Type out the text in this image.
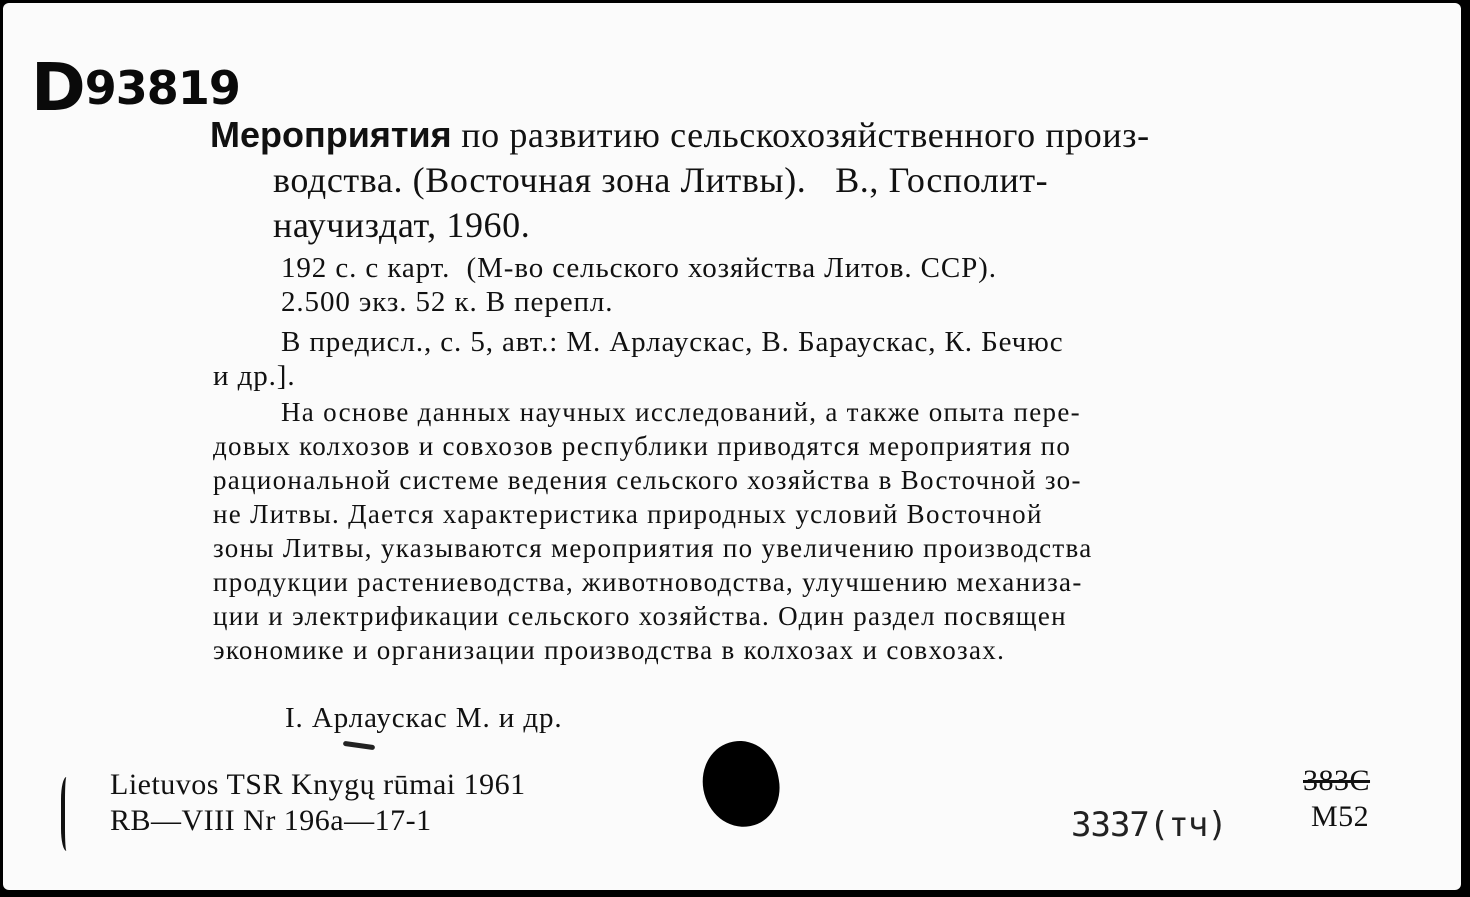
D93819
Мероприятия по развитию сельскохозяйственного произ-
водства. (Восточная зона Литвы).   В., Госполит-
научиздат, 1960.
192 с. с карт.  (М-во сельского хозяйства Литов. ССР).
2.500 экз. 52 к. В перепл.
В предисл., с. 5, авт.: М. Арлаускас, В. Бараускас, К. Бечюс
и др.].
На основе данных научных исследований, а также опыта пере-
довых колхозов и совхозов республики приводятся мероприятия по
рациональной системе ведения сельского хозяйства в Восточной зо-
не Литвы. Дается характеристика природных условий Восточной
зоны Литвы, указываются мероприятия по увеличению производства
продукции растениеводства, животноводства, улучшению механиза-
ции и электрификации сельского хозяйства. Один раздел посвящен
экономике и организации производства в колхозах и совхозах.
I. Арлаускас М. и др.
Lietuvos TSR Knygų rūmai 1961
RB—VIII Nr 196a—17-1	3337(тч)
383C
M52
